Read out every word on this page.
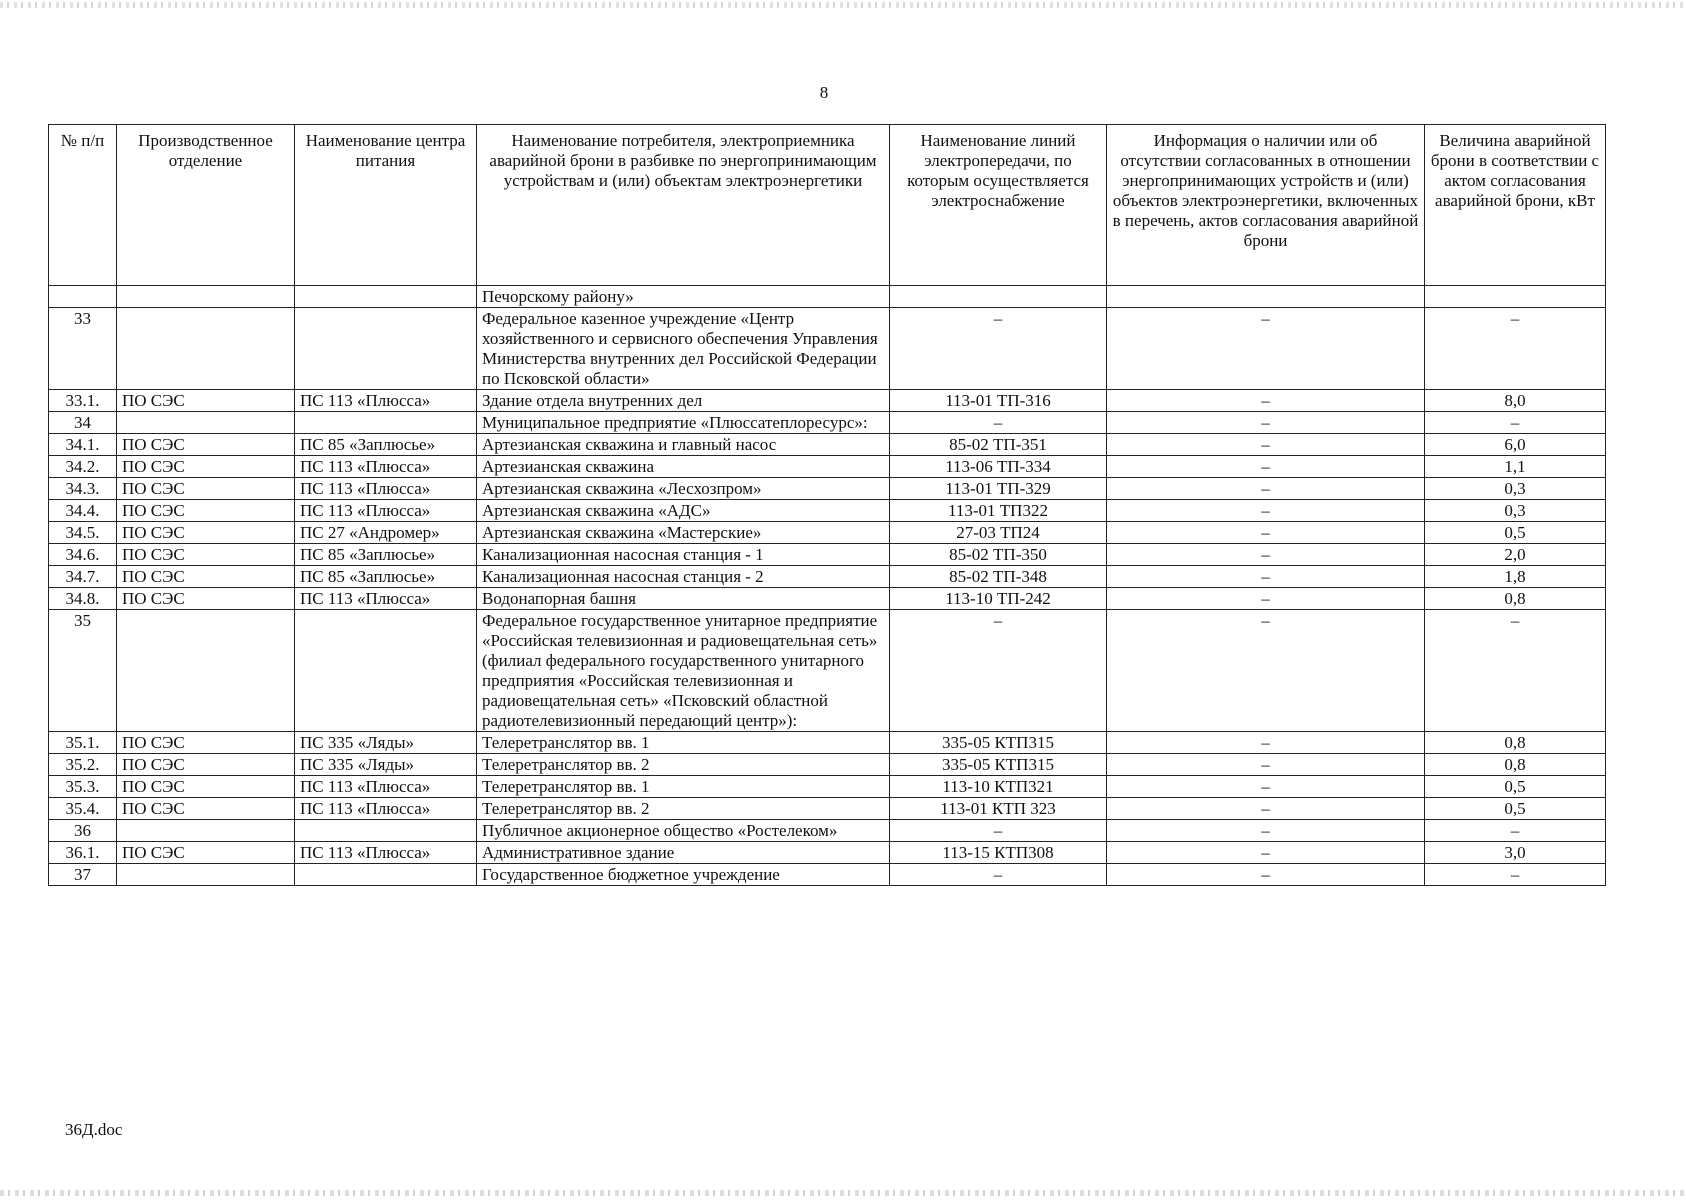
8
№ п/п	Производственное отделение	Наименование центра питания	Наименование потребителя, электроприемника аварийной брони в разбивке по энергопринимающим устройствам и (или) объектам электроэнергетики	Наименование линий электропередачи, по которым осуществляется электроснабжение	Информация о наличии или об отсутствии согласованных в отношении энергопринимающих устройств и (или) объектов электроэнергетики, включенных в перечень, актов согласования аварийной брони	Величина аварийной брони в соответствии с актом согласования аварийной брони, кВт
			Печорскому району»			
33			Федеральное казенное учреждение «Центр хозяйственного и сервисного обеспечения Управления Министерства внутренних дел Российской Федерации по Псковской области»	–	–	–
33.1.	ПО СЭС	ПС 113 «Плюсса»	Здание отдела внутренних дел	113-01 ТП-316	–	8,0
34			Муниципальное предприятие «Плюссатеплоресурс»:	–	–	–
34.1.	ПО СЭС	ПС 85 «Заплюсье»	Артезианская скважина и главный насос	85-02 ТП-351	–	6,0
34.2.	ПО СЭС	ПС 113 «Плюсса»	Артезианская скважина	113-06 ТП-334	–	1,1
34.3.	ПО СЭС	ПС 113 «Плюсса»	Артезианская скважина «Лесхозпром»	113-01 ТП-329	–	0,3
34.4.	ПО СЭС	ПС 113 «Плюсса»	Артезианская скважина «АДС»	113-01 ТП322	–	0,3
34.5.	ПО СЭС	ПС 27 «Андромер»	Артезианская скважина «Мастерские»	27-03 ТП24	–	0,5
34.6.	ПО СЭС	ПС 85 «Заплюсье»	Канализационная насосная станция - 1	85-02 ТП-350	–	2,0
34.7.	ПО СЭС	ПС 85 «Заплюсье»	Канализационная насосная станция - 2	85-02 ТП-348	–	1,8
34.8.	ПО СЭС	ПС 113 «Плюсса»	Водонапорная башня	113-10 ТП-242	–	0,8
35			Федеральное государственное унитарное предприятие «Российская телевизионная и радиовещательная сеть» (филиал федерального государственного унитарного предприятия «Российская телевизионная и радиовещательная сеть» «Псковский областной радиотелевизионный передающий центр»):	–	–	–
35.1.	ПО СЭС	ПС 335 «Ляды»	Телеретранслятор вв. 1	335-05 КТП315	–	0,8
35.2.	ПО СЭС	ПС 335 «Ляды»	Телеретранслятор вв. 2	335-05 КТП315	–	0,8
35.3.	ПО СЭС	ПС 113 «Плюсса»	Телеретранслятор вв. 1	113-10 КТП321	–	0,5
35.4.	ПО СЭС	ПС 113 «Плюсса»	Телеретранслятор вв. 2	113-01 КТП 323	–	0,5
36			Публичное акционерное общество «Ростелеком»	–	–	–
36.1.	ПО СЭС	ПС 113 «Плюсса»	Административное здание	113-15 КТП308	–	3,0
37			Государственное бюджетное учреждение	–	–	–
36Д.doc
